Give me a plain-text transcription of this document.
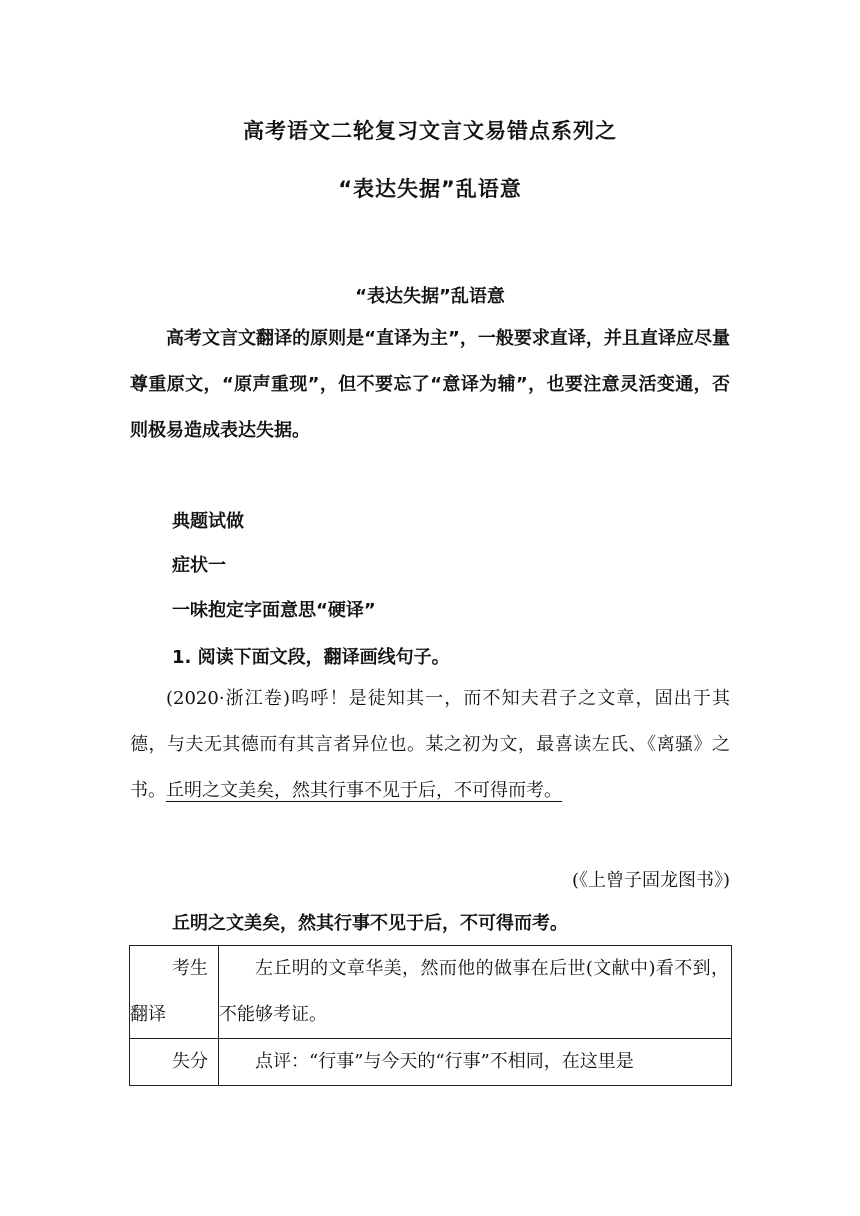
高考语文二轮复习文言文易错点系列之
“表达失据”乱语意
“表达失据”乱语意
高考文言文翻译的原则是“直译为主”，一般要求直译，并且直译应尽量尊重原文，“原声重现”，但不要忘了“意译为辅”，也要注意灵活变通，否则极易造成表达失据。
典题试做
症状一
一味抱定字面意思“硬译”
1. 阅读下面文段，翻译画线句子。
(2020·浙江卷)呜呼！是徒知其一，而不知夫君子之文章，固出于其德，与夫无其德而有其言者异位也。某之初为文，最喜读左氏、《离骚》之书。丘明之文美矣，然其行事不见于后，不可得而考。
(《上曾子固龙图书》)
丘明之文美矣，然其行事不见于后，不可得而考。
考生
翻译	左丘明的文章华美，然而他的做事在后世(文献中)看不到，不能够考证。

失分	点评：“行事”与今天的“行事”不相同，在这里是
